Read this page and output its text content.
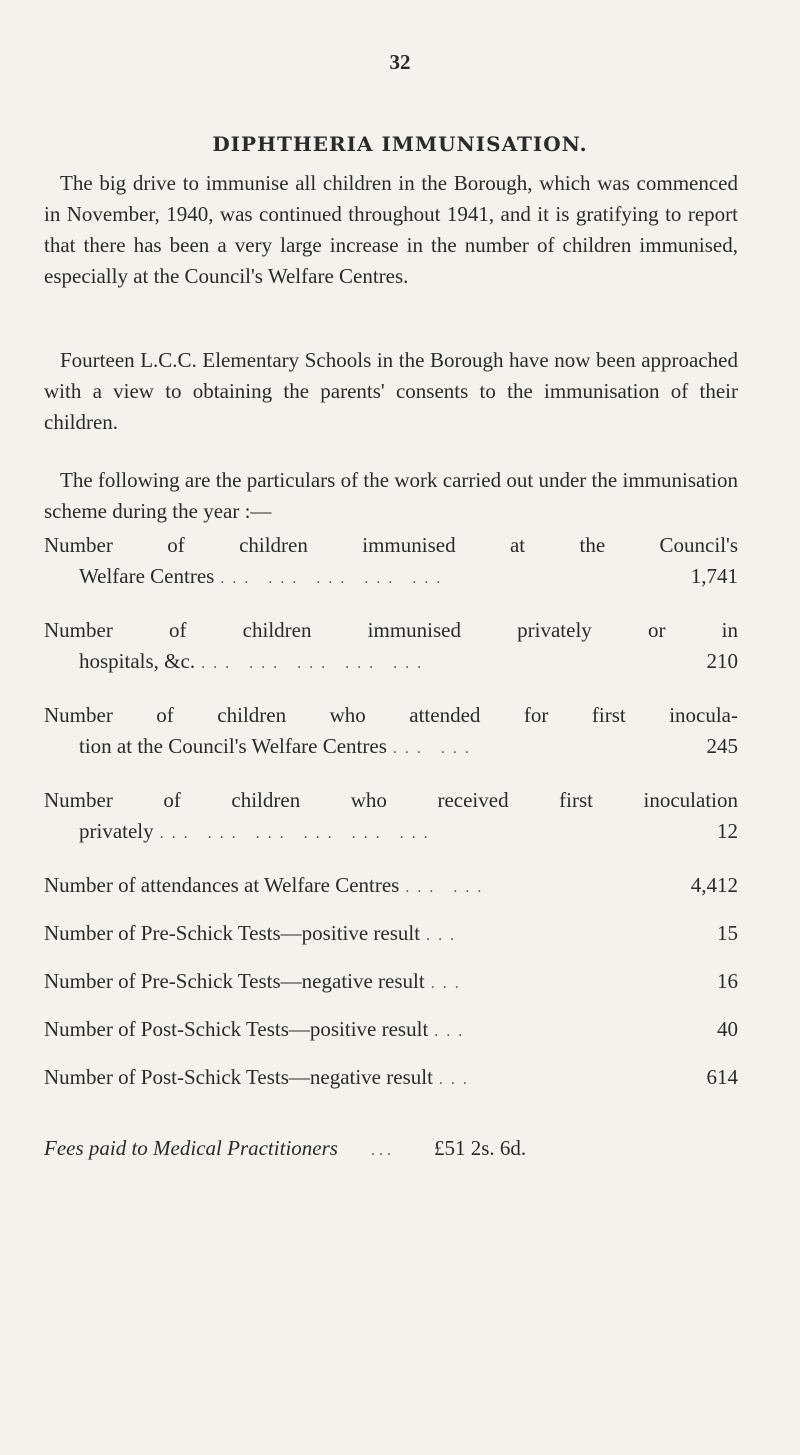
32
DIPHTHERIA IMMUNISATION.
The big drive to immunise all children in the Borough, which was commenced in November, 1940, was continued throughout 1941, and it is gratifying to report that there has been a very large increase in the number of children immunised, especially at the Council's Welfare Centres.
Fourteen L.C.C. Elementary Schools in the Borough have now been approached with a view to obtaining the parents' consents to the immunisation of their children.
The following are the particulars of the work carried out under the immunisation scheme during the year :—
Number of children immunised at the Council's
Welfare Centres ... ... ... ... ...	1,741
Number of children immunised privately or in
hospitals, &c. ... ... ... ... ...	210
Number of children who attended for first inocula-
tion at the Council's Welfare Centres ... ...	245
Number of children who received first inoculation
privately ... ... ... ... ... ...	12
Number of attendances at Welfare Centres ... ...	4,412
Number of Pre-Schick Tests—positive result ...	15
Number of Pre-Schick Tests—negative result ...	16
Number of Post-Schick Tests—positive result ...	40
Number of Post-Schick Tests—negative result ...	614
Fees paid to Medical Practitioners	...	£51 2s. 6d.
